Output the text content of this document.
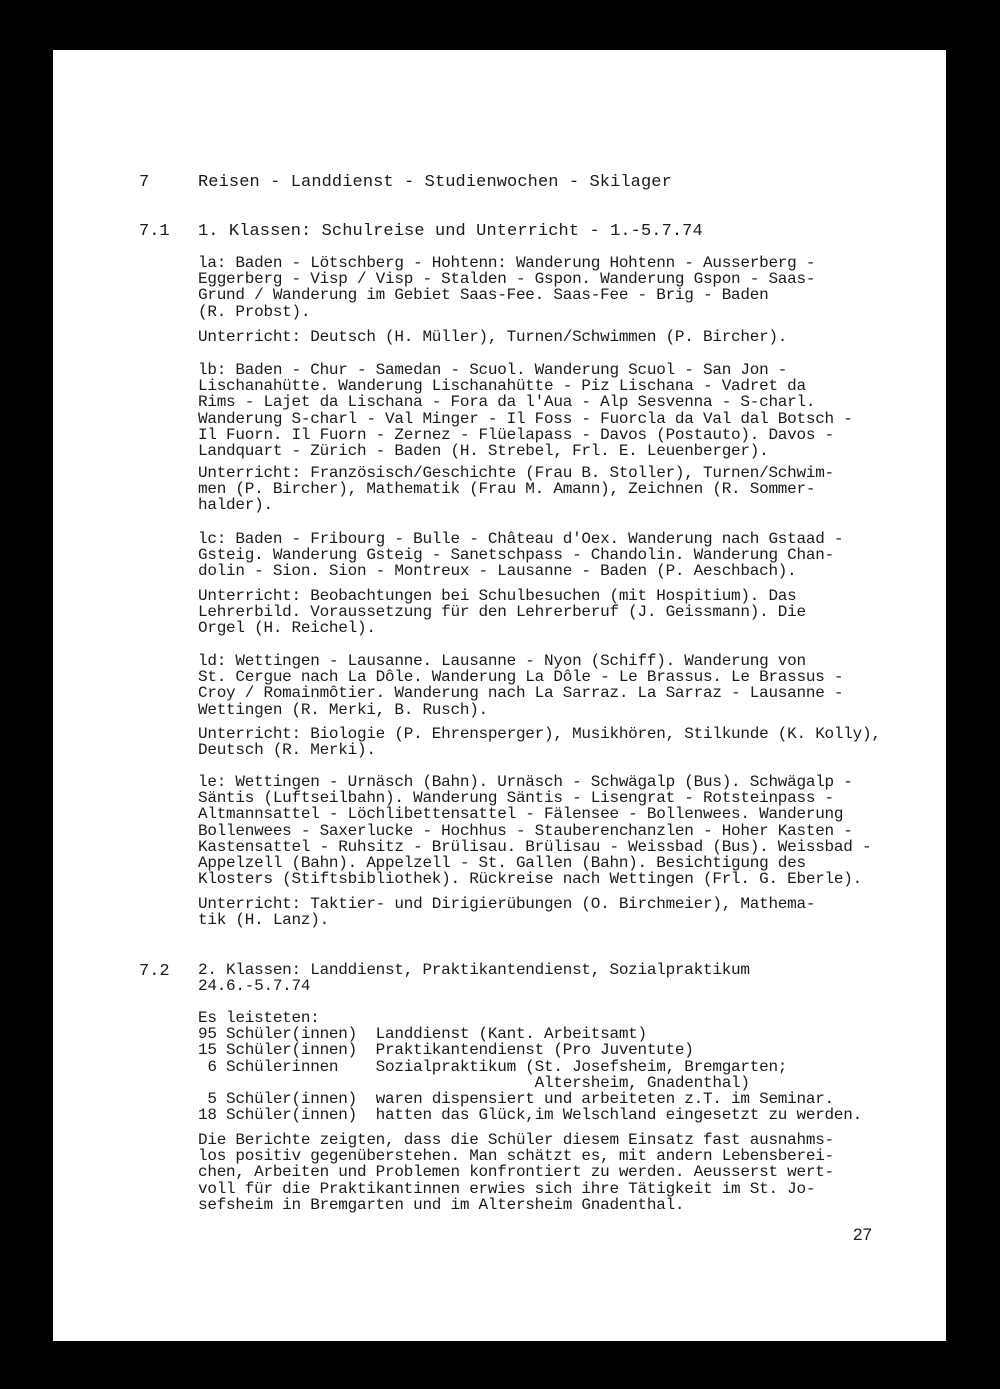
7	Reisen - Landdienst - Studienwochen - Skilager
7.1 1. Klassen: Schulreise und Unterricht - 1.-5.7.74
la: Baden - Lötschberg - Hohtenn: Wanderung Hohtenn - Ausserberg -
Eggerberg - Visp / Visp - Stalden - Gspon. Wanderung Gspon - Saas-
Grund / Wanderung im Gebiet Saas-Fee. Saas-Fee - Brig - Baden
(R. Probst).
Unterricht: Deutsch (H. Müller), Turnen/Schwimmen (P. Bircher).
lb: Baden - Chur - Samedan - Scuol. Wanderung Scuol - San Jon -
Lischanahütte. Wanderung Lischanahütte - Piz Lischana - Vadret da
Rims - Lajet da Lischana - Fora da l'Aua - Alp Sesvenna - S-charl.
Wanderung S-charl - Val Minger - Il Foss - Fuorcla da Val dal Botsch -
Il Fuorn. Il Fuorn - Zernez - Flüelapass - Davos (Postauto). Davos -
Landquart - Zürich - Baden (H. Strebel, Frl. E. Leuenberger).
Unterricht: Französisch/Geschichte (Frau B. Stoller), Turnen/Schwim-
men (P. Bircher), Mathematik (Frau M. Amann), Zeichnen (R. Sommer-
halder).
lc: Baden - Fribourg - Bulle - Château d'Oex. Wanderung nach Gstaad -
Gsteig. Wanderung Gsteig - Sanetschpass - Chandolin. Wanderung Chan-
dolin - Sion. Sion - Montreux - Lausanne - Baden (P. Aeschbach).
Unterricht: Beobachtungen bei Schulbesuchen (mit Hospitium). Das
Lehrerbild. Voraussetzung für den Lehrerberuf (J. Geissmann). Die
Orgel (H. Reichel).
ld: Wettingen - Lausanne. Lausanne - Nyon (Schiff). Wanderung von
St. Cergue nach La Dôle. Wanderung La Dôle - Le Brassus. Le Brassus -
Croy / Romainmôtier. Wanderung nach La Sarraz. La Sarraz - Lausanne -
Wettingen (R. Merki, B. Rusch).
Unterricht: Biologie (P. Ehrensperger), Musikhören, Stilkunde (K. Kolly),
Deutsch (R. Merki).
le: Wettingen - Urnäsch (Bahn). Urnäsch - Schwägalp (Bus). Schwägalp -
Säntis (Luftseilbahn). Wanderung Säntis - Lisengrat - Rotsteinpass -
Altmannsattel - Löchlibettensattel - Fälensee - Bollenwees. Wanderung
Bollenwees - Saxerlucke - Hochhus - Stauberenchanzlen - Hoher Kasten -
Kastensattel - Ruhsitz - Brülisau. Brülisau - Weissbad (Bus). Weissbad -
Appelzell (Bahn). Appelzell - St. Gallen (Bahn). Besichtigung des
Klosters (Stiftsbibliothek). Rückreise nach Wettingen (Frl. G. Eberle).
Unterricht: Taktier- und Dirigierübungen (O. Birchmeier), Mathema-
tik (H. Lanz).
7.2 2. Klassen: Landdienst, Praktikantendienst, Sozialpraktikum
24.6.-5.7.74
Es leisteten:
95 Schüler(innen)  Landdienst (Kant. Arbeitsamt)
15 Schüler(innen)  Praktikantendienst (Pro Juventute)
6 Schülerinnen    Sozialpraktikum (St. Josefsheim, Bremgarten;
Altersheim, Gnadenthal)
5 Schüler(innen)  waren dispensiert und arbeiteten z.T. im Seminar.
18 Schüler(innen)  hatten das Glück,im Welschland eingesetzt zu werden.
Die Berichte zeigten, dass die Schüler diesem Einsatz fast ausnahms-
los positiv gegenüberstehen. Man schätzt es, mit andern Lebensberei-
chen, Arbeiten und Problemen konfrontiert zu werden. Aeusserst wert-
voll für die Praktikantinnen erwies sich ihre Tätigkeit im St. Jo-
sefsheim in Bremgarten und im Altersheim Gnadenthal.
27
